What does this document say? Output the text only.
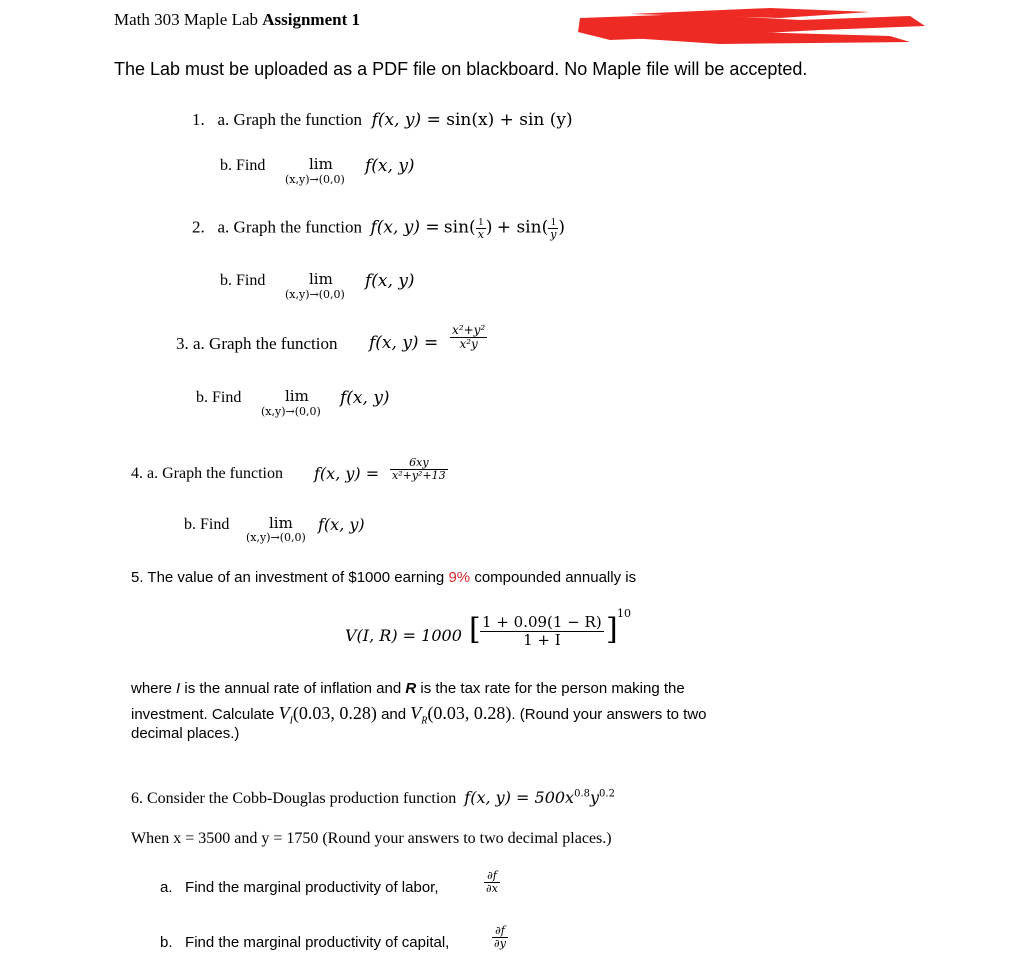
Math 303 Maple Lab Assignment 1
The Lab must be uploaded as a PDF file on blackboard. No Maple file will be accepted.
1. a. Graph the function f(x, y) = sin(x) + sin (y)
b. Find	lim
(x,y)→(0,0)
f(x, y)
2. a. Graph the function f(x, $y) = \sin( \frac{1}{x}$ ) + $\sin( \frac{1}{y}$ )
b. Find	lim
(x,y)→(0,0)
f(x, y)
3. a. Graph the function f(x, $y) = \frac{\text{x²+y²}}{\text{x²y}}$
b. Find	lim
(x,y)→(0,0)
f(x, y)
4. a. Graph the function f(x, $y) = \frac{6xy}{\text{x²+y²+13}}$
b. Find	lim
(x,y)→(0,0)
f(x, y)
5. The value of an investment of $1000 earning 9% compounded annually is
V(I, R) = 1000 [ $\frac{1 + 0.09(1 - R)}{1 + I}$ ] 10
where I is the annual rate of inflation and R is the tax rate for the person making the
investment. Calculate $V_I(0.03$, 0.28) and $V_R(0.03$, 0.28). (Round your answers to two
decimal places.)
6. Consider the Cobb-Douglas production function f(x, $y) = 500x^{0.8}y^{0.2}$
When x = 3500 and y = 1750 (Round your answers to two decimal places.)
a. Find the marginal productivity of labor,	$\frac{\partial f}{\partial x}$
b. Find the marginal productivity of capital,	$\frac{\partial f}{\partial y}$
